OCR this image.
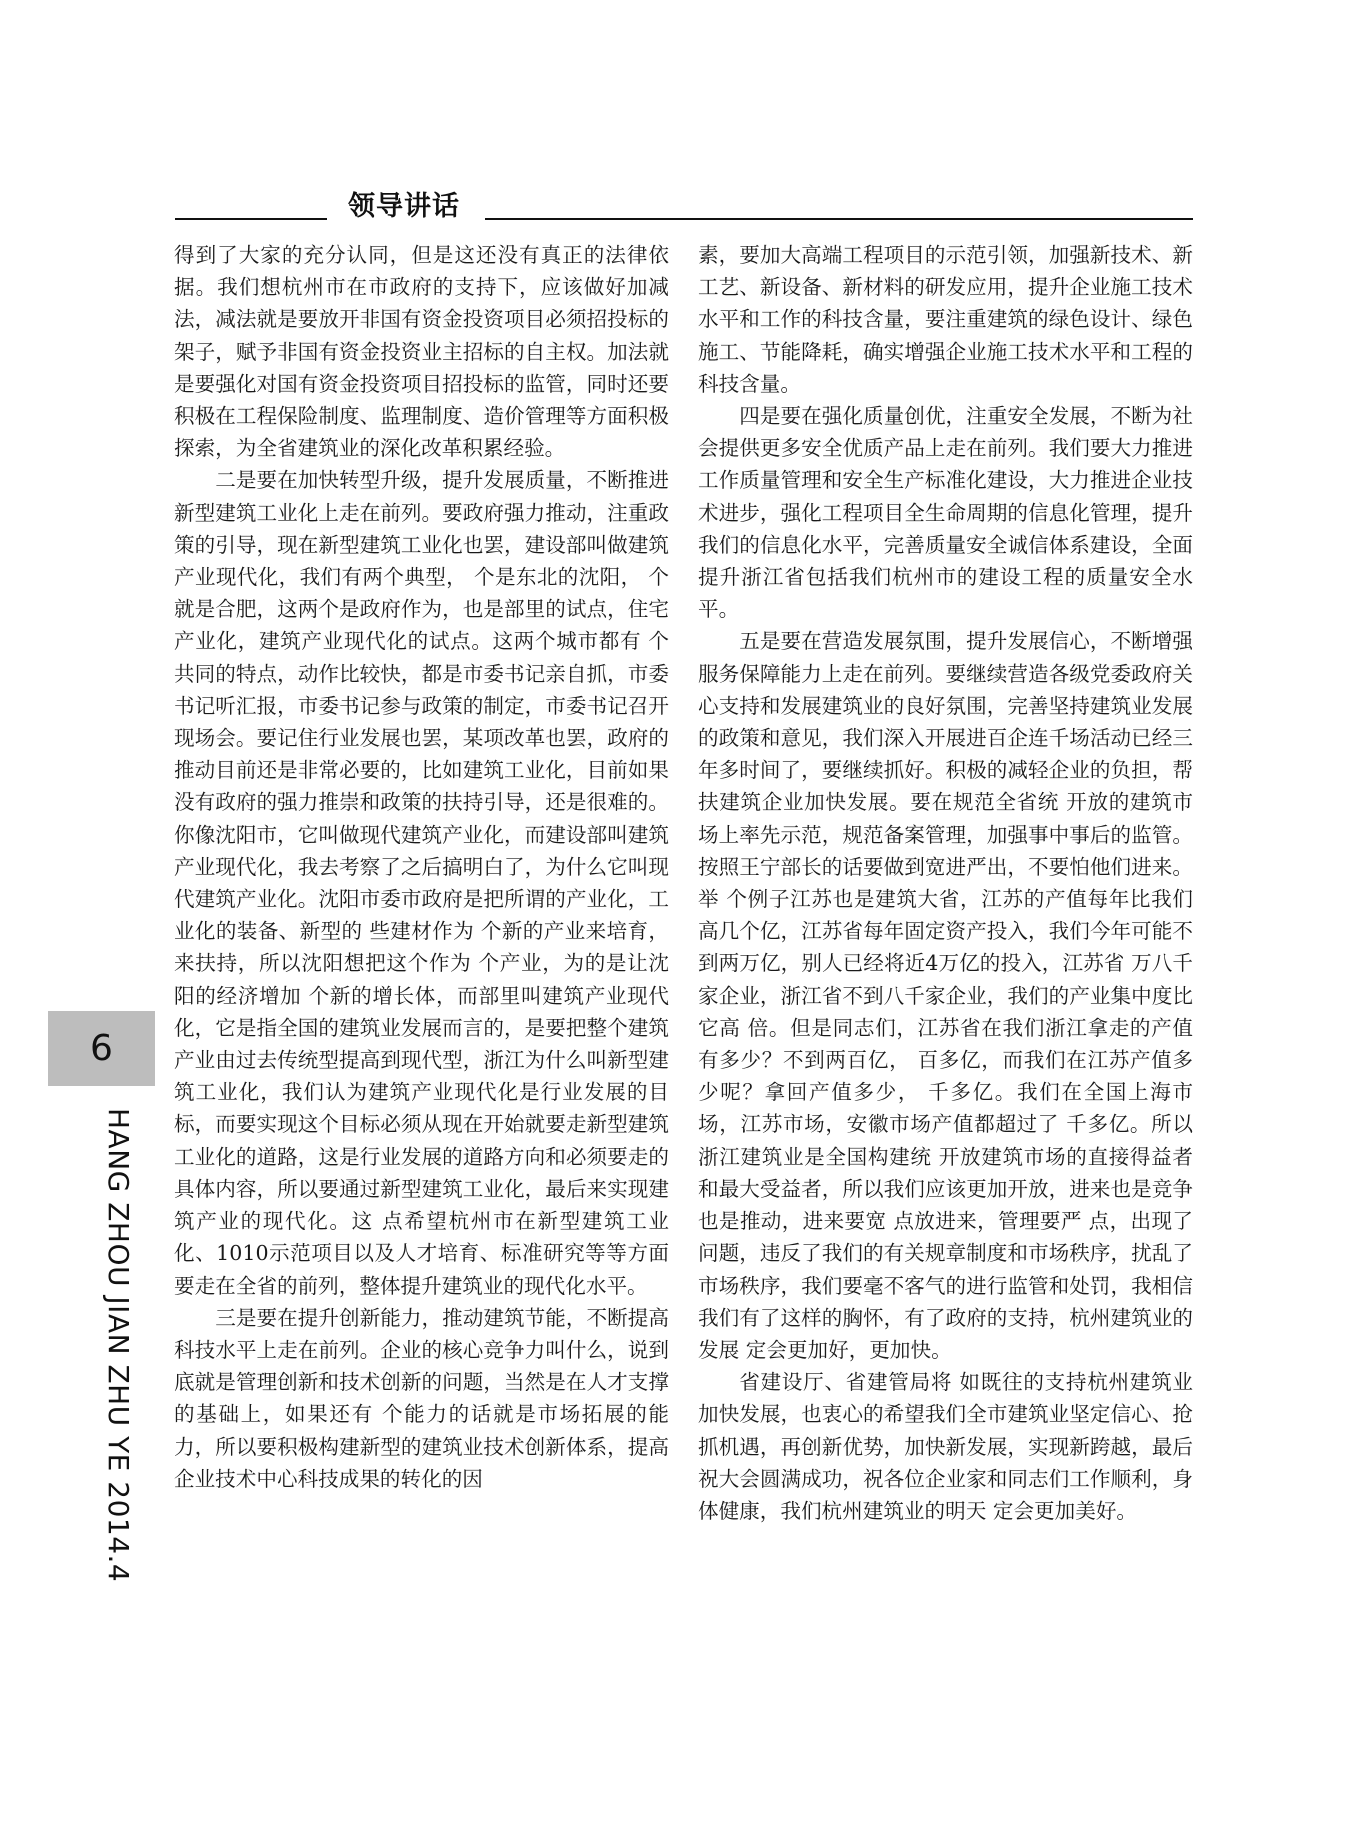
领导讲话

得到了大家的充分认同，但是这还没有真正的法律依据。我们想杭州市在市政府的支持下，应该做好加减法，减法就是要放开非国有资金投资项目必须招投标的架子，赋予非国有资金投资业主招标的自主权。加法就是要强化对国有资金投资项目招投标的监管，同时还要积极在工程保险制度、监理制度、造价管理等方面积极探索，为全省建筑业的深化改革积累经验。

二是要在加快转型升级，提升发展质量，不断推进新型建筑工业化上走在前列。要政府强力推动，注重政策的引导，现在新型建筑工业化也罢，建设部叫做建筑产业现代化，我们有两个典型， 个是东北的沈阳， 个就是合肥，这两个是政府作为，也是部里的试点，住宅产业化，建筑产业现代化的试点。这两个城市都有 个共同的特点，动作比较快，都是市委书记亲自抓，市委书记听汇报，市委书记参与政策的制定，市委书记召开现场会。要记住行业发展也罢，某项改革也罢，政府的推动目前还是非常必要的，比如建筑工业化，目前如果没有政府的强力推崇和政策的扶持引导，还是很难的。你像沈阳市，它叫做现代建筑产业化，而建设部叫建筑产业现代化，我去考察了之后搞明白了，为什么它叫现代建筑产业化。沈阳市委市政府是把所谓的产业化，工业化的装备、新型的 些建材作为 个新的产业来培育，来扶持，所以沈阳想把这个作为 个产业，为的是让沈阳的经济增加 个新的增长体，而部里叫建筑产业现代化，它是指全国的建筑业发展而言的，是要把整个建筑产业由过去传统型提高到现代型，浙江为什么叫新型建筑工业化，我们认为建筑产业现代化是行业发展的目标，而要实现这个目标必须从现在开始就要走新型建筑工业化的道路，这是行业发展的道路方向和必须要走的具体内容，所以要通过新型建筑工业化，最后来实现建筑产业的现代化。这 点希望杭州市在新型建筑工业化、1010示范项目以及人才培育、标准研究等等方面要走在全省的前列，整体提升建筑业的现代化水平。

三是要在提升创新能力，推动建筑节能，不断提高科技水平上走在前列。企业的核心竞争力叫什么，说到底就是管理创新和技术创新的问题，当然是在人才支撑的基础上，如果还有 个能力的话就是市场拓展的能力，所以要积极构建新型的建筑业技术创新体系，提高企业技术中心科技成果的转化的因

素，要加大高端工程项目的示范引领，加强新技术、新工艺、新设备、新材料的研发应用，提升企业施工技术水平和工作的科技含量，要注重建筑的绿色设计、绿色施工、节能降耗，确实增强企业施工技术水平和工程的科技含量。

四是要在强化质量创优，注重安全发展，不断为社会提供更多安全优质产品上走在前列。我们要大力推进工作质量管理和安全生产标准化建设，大力推进企业技术进步，强化工程项目全生命周期的信息化管理，提升我们的信息化水平，完善质量安全诚信体系建设，全面提升浙江省包括我们杭州市的建设工程的质量安全水平。

五是要在营造发展氛围，提升发展信心，不断增强服务保障能力上走在前列。要继续营造各级党委政府关心支持和发展建筑业的良好氛围，完善坚持建筑业发展的政策和意见，我们深入开展进百企连千场活动已经三年多时间了，要继续抓好。积极的减轻企业的负担，帮扶建筑企业加快发展。要在规范全省统 开放的建筑市场上率先示范，规范备案管理，加强事中事后的监管。按照王宁部长的话要做到宽进严出，不要怕他们进来。举 个例子江苏也是建筑大省，江苏的产值每年比我们高几个亿，江苏省每年固定资产投入，我们今年可能不到两万亿，别人已经将近4万亿的投入，江苏省 万八千家企业，浙江省不到八千家企业，我们的产业集中度比它高 倍。但是同志们，江苏省在我们浙江拿走的产值有多少？不到两百亿， 百多亿，而我们在江苏产值多少呢？拿回产值多少， 千多亿。我们在全国上海市场，江苏市场，安徽市场产值都超过了 千多亿。所以浙江建筑业是全国构建统 开放建筑市场的直接得益者和最大受益者，所以我们应该更加开放，进来也是竞争也是推动，进来要宽 点放进来，管理要严 点，出现了问题，违反了我们的有关规章制度和市场秩序，扰乱了市场秩序，我们要毫不客气的进行监管和处罚，我相信我们有了这样的胸怀，有了政府的支持，杭州建筑业的发展 定会更加好，更加快。

省建设厅、省建管局将 如既往的支持杭州建筑业加快发展，也衷心的希望我们全市建筑业坚定信心、抢抓机遇，再创新优势，加快新发展，实现新跨越，最后祝大会圆满成功，祝各位企业家和同志们工作顺利，身体健康，我们杭州建筑业的明天 定会更加美好。

6
HANG ZHOU JIAN ZHU YE 2014.4
